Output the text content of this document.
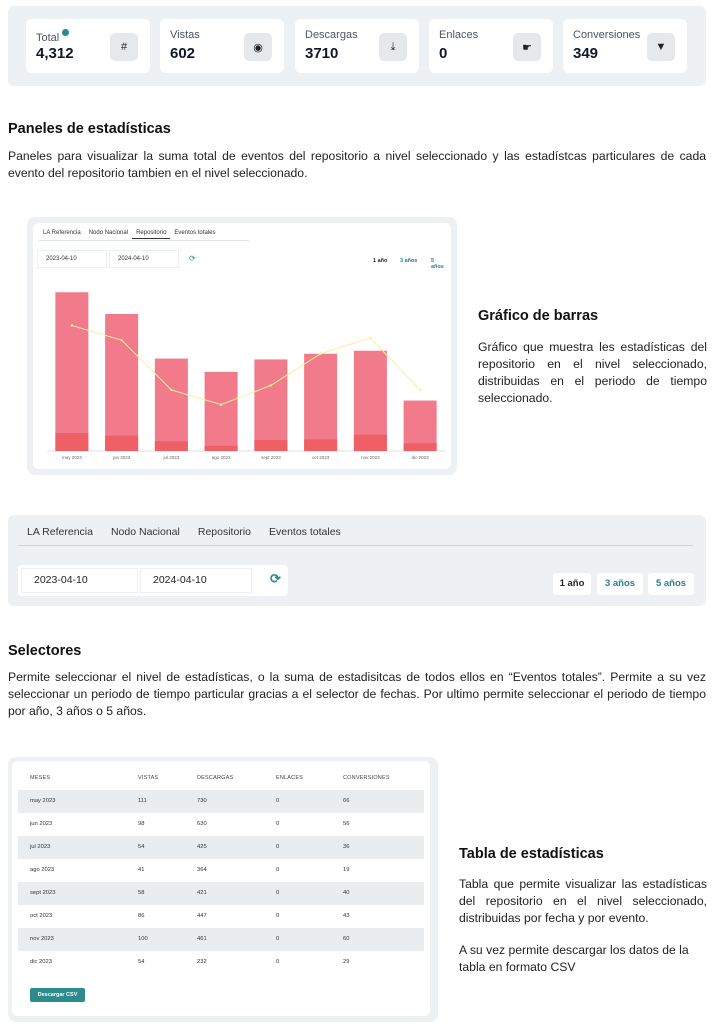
Total
4,312	#
Vistas
602	◉
Descargas
3710	⤓
Enlaces
0	☛
Conversiones
349	▼
Paneles de estadísticas

Paneles para visualizar la suma total de eventos del repositorio a nivel seleccionado y las estadístcas particulares de cada evento del repositorio tambien en el nivel seleccionado.

LA Referencia	Nodo Nacional	Repositorio	Eventos totales
2023-04-10	2024-04-10	⟳	1 año	3 años	5 años
may 2023	jun 2023	jul 2023	ago 2023	sept 2023	oct 2023	nov 2023	dic 2023
Gráfico de barras

Gráfico que muestra les estadísticas del repositorio en el nivel seleccionado, distribuidas en el periodo de tiempo seleccionado.

LA Referencia	Nodo Nacional	Repositorio	Eventos totales
2023-04-10	2024-04-10	⟳	1 año	3 años	5 años
Selectores

Permite seleccionar el nivel de estadísticas, o la suma de estadisitcas de todos ellos en “Eventos totales”. Permite a su vez seleccionar un periodo de tiempo particular gracias a el selector de fechas. Por ultimo permite seleccionar el periodo de tiempo por año, 3 años o 5 años.

Descargar CSV
MESES	VISTAS	DESCARGAS	ENLACES	CONVERSIONES
may 2023	111	730	0	66
jun 2023	98	630	0	56
jul 2023	54	425	0	36
ago 2023	41	364	0	19
sept 2023	58	421	0	40
oct 2023	86	447	0	43
nov 2023	100	461	0	60
dic 2023	54	232	0	29
Tabla de estadísticas

Tabla que permite visualizar las estadísticas del repositorio en el nivel seleccionado, distribuidas por fecha y por evento.

A su vez permite descargar los datos de la tabla en formato CSV
